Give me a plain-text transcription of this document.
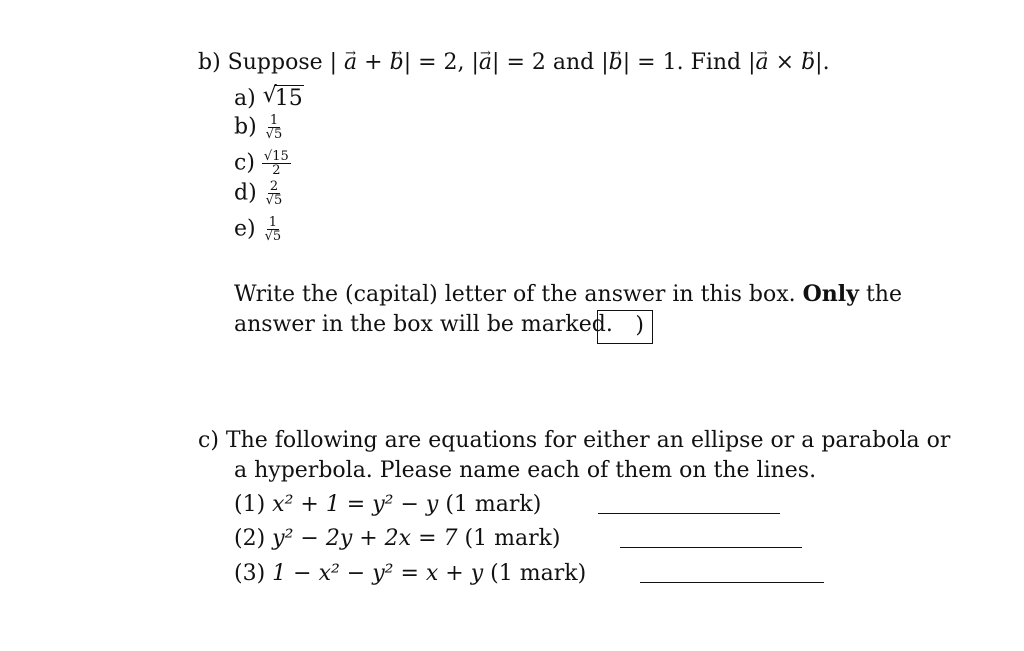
b) Suppose | → a + → b| = 2, |→ a| = 2 and |→ b| = 1. Find |→ a × → b|.
a) √
15
$b) \frac{1}{√5}$
$c) \frac{√15}{2}$
$d) \frac{2}{√5}$
$e) \frac{1}{√5}$
Write the (capital) letter of the answer in this box. Only the
answer in the box will be marked. )
c) The following are equations for either an ellipse or a parabola or
a hyperbola. Please name each of them on the lines.
(1) x² + 1 = y² − y (1 mark)
(2) y² − 2y + 2x = 7 (1 mark)
(3) 1 − x² − y² = x + y (1 mark)
